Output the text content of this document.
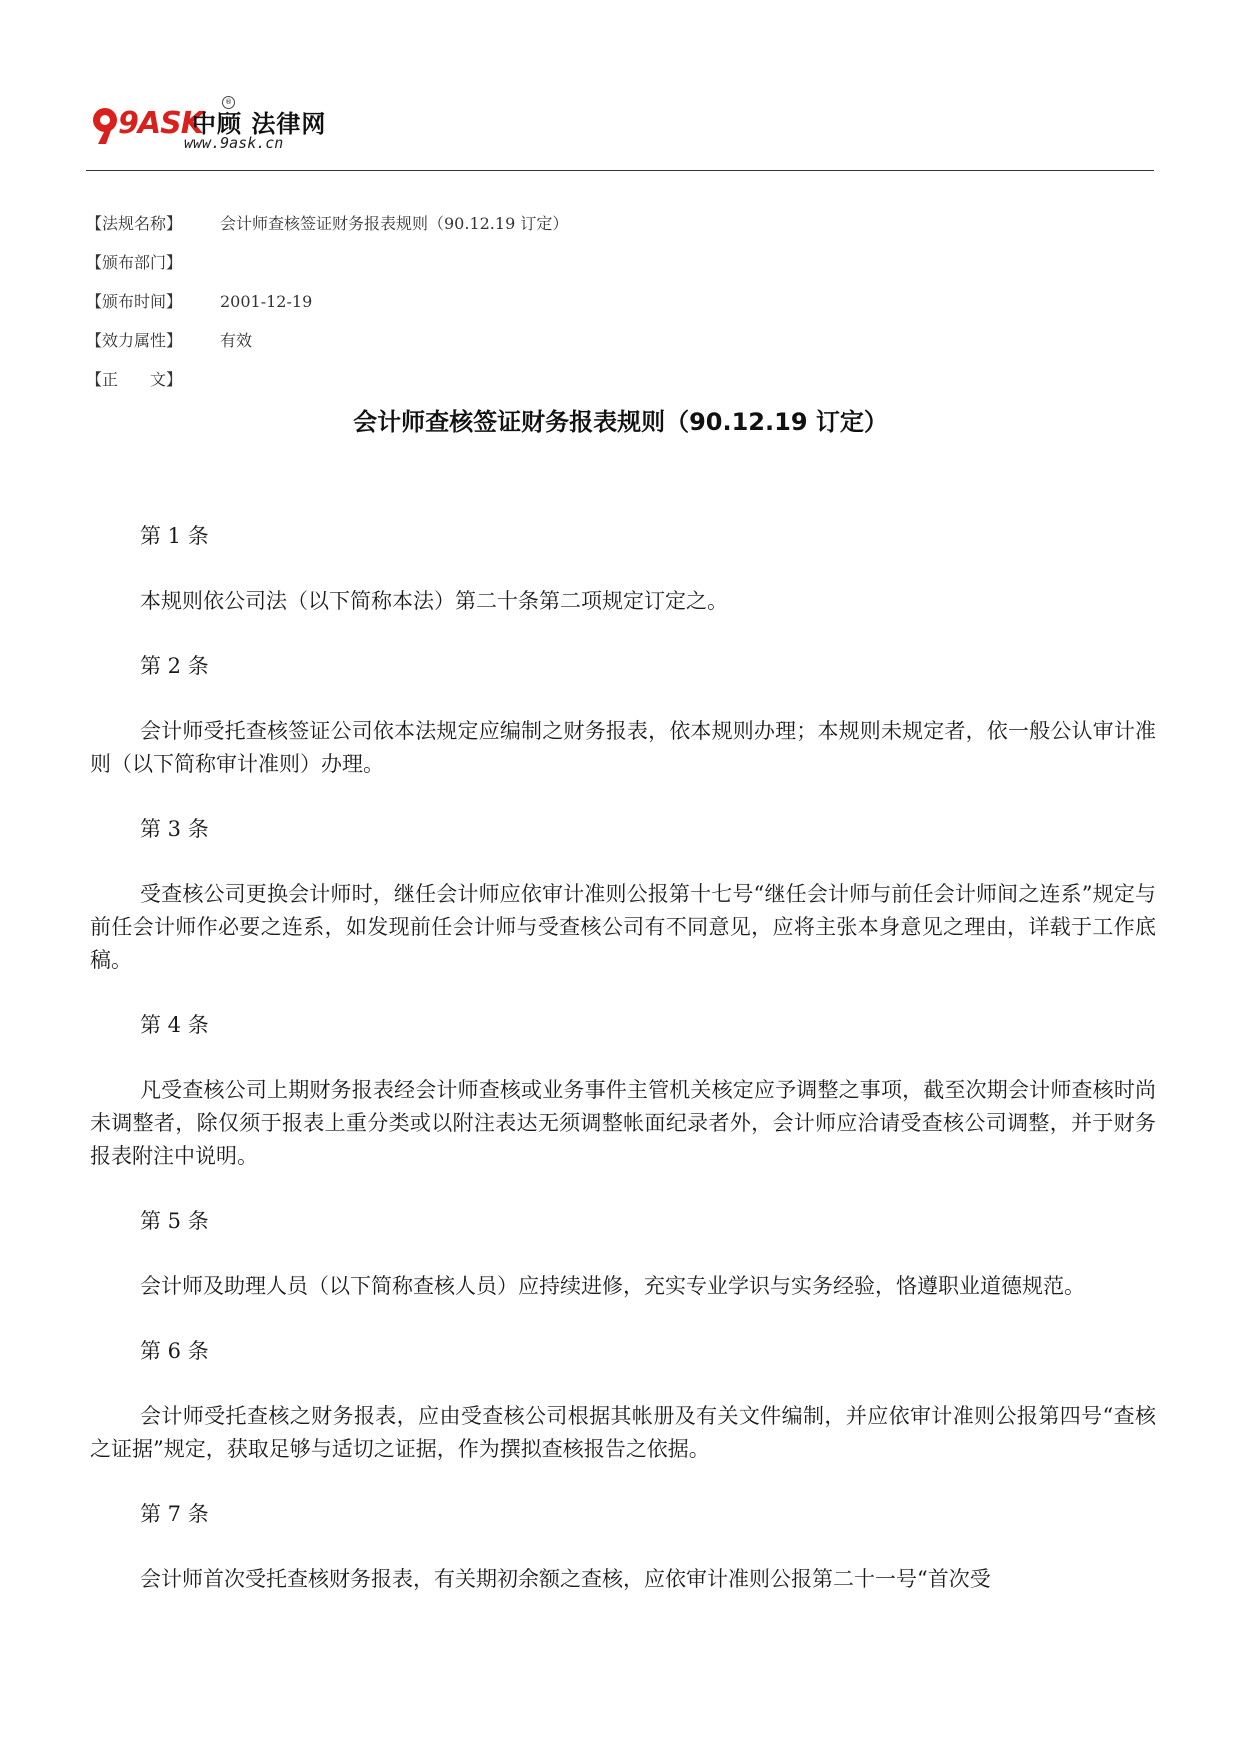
9ASK
中顾 法律网
®
www.9ask.cn
【法规名称】	会计师查核签证财务报表规则（90.12.19 订定）
【颁布部门】
【颁布时间】	2001-12-19
【效力属性】	有效
【正　　文】
会计师查核签证财务报表规则（90.12.19 订定）

第 1 条

本规则依公司法（以下简称本法）第二十条第二项规定订定之。

第 2 条

会计师受托查核签证公司依本法规定应编制之财务报表，依本规则办理；本规则未规定者，依一般公认审计准则（以下简称审计准则）办理。

第 3 条

受查核公司更换会计师时，继任会计师应依审计准则公报第十七号“继任会计师与前任会计师间之连系”规定与前任会计师作必要之连系，如发现前任会计师与受查核公司有不同意见，应将主张本身意见之理由，详载于工作底稿。

第 4 条

凡受查核公司上期财务报表经会计师查核或业务事件主管机关核定应予调整之事项，截至次期会计师查核时尚未调整者，除仅须于报表上重分类或以附注表达无须调整帐面纪录者外，会计师应洽请受查核公司调整，并于财务报表附注中说明。

第 5 条

会计师及助理人员（以下简称查核人员）应持续进修，充实专业学识与实务经验，恪遵职业道德规范。

第 6 条

会计师受托查核之财务报表，应由受查核公司根据其帐册及有关文件编制，并应依审计准则公报第四号“查核之证据”规定，获取足够与适切之证据，作为撰拟查核报告之依据。

第 7 条

会计师首次受托查核财务报表，有关期初余额之查核，应依审计准则公报第二十一号“首次受
